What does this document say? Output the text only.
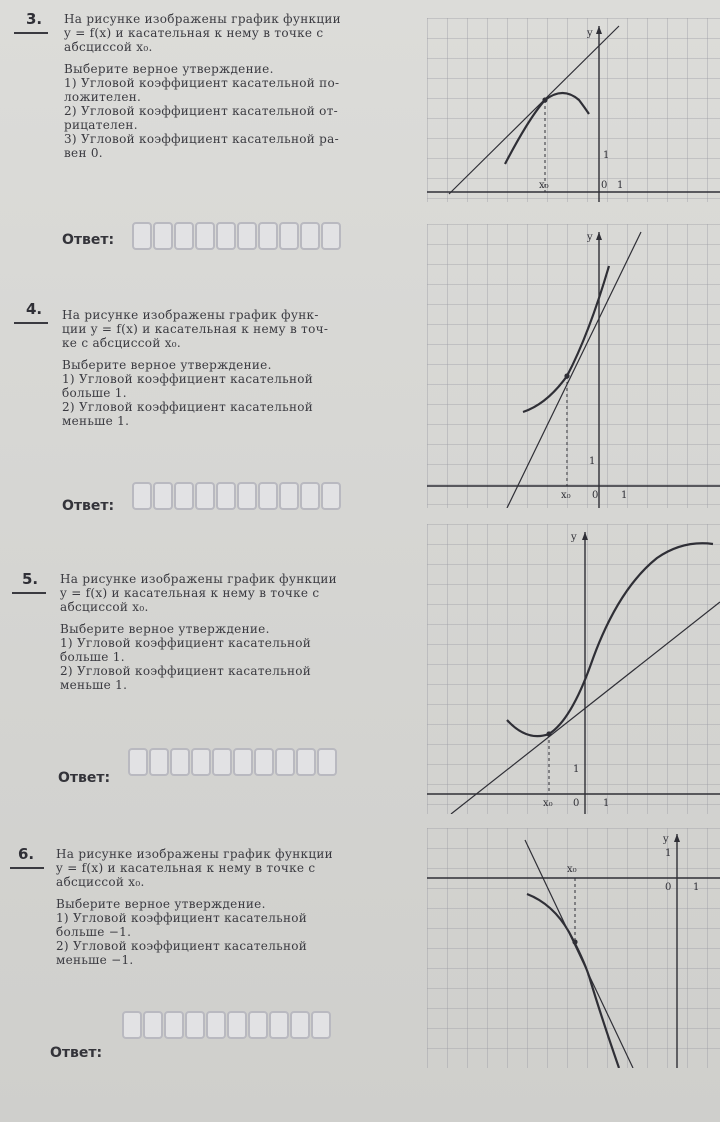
3. На рисунке изображены график функции

y = f(x) и касательная к нему в точке с

абсциссой x₀.

Выберите верное утверждение.

1) Угловой коэффициент касательной по-

ложителен.

2) Угловой коэффициент касательной от-

рицателен.

3) Угловой коэффициент касательной ра-

вен 0.

Ответ:
4. На рисунке изображены график функ-

ции y = f(x) и касательная к нему в точ-

ке с абсциссой x₀.

Выберите верное утверждение.

1) Угловой коэффициент касательной

больше 1.

2) Угловой коэффициент касательной

меньше 1.

Ответ:
5. На рисунке изображены график функции

y = f(x) и касательная к нему в точке с

абсциссой x₀.

Выберите верное утверждение.

1) Угловой коэффициент касательной

больше 1.

2) Угловой коэффициент касательной

меньше 1.

Ответ:
6. На рисунке изображены график функции

y = f(x) и касательная к нему в точке с

абсциссой x₀.

Выберите верное утверждение.

1) Угловой коэффициент касательной

больше −1.

2) Угловой коэффициент касательной

меньше −1.

Ответ:
y
x₀	0 1
1
y
x₀ 0 1
1
y
x₀ 0 1
1
y
x₀
0 1
1
